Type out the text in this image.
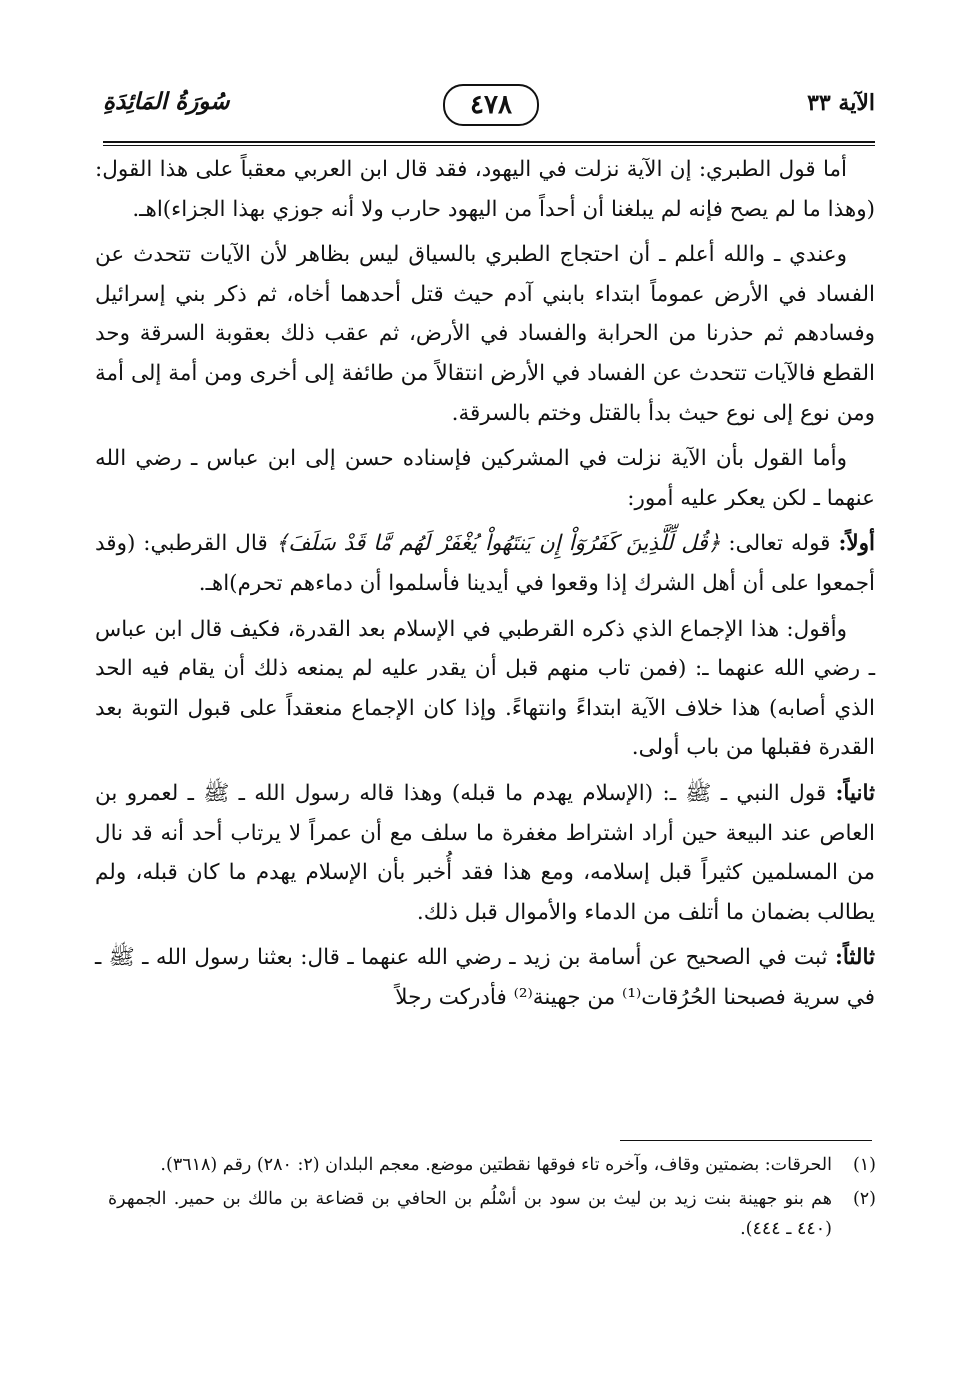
الآية ٣٣
٤٧٨
سُورَةُ المَائِدَةِ

أما قول الطبري: إن الآية نزلت في اليهود، فقد قال ابن العربي معقباً على هذا القول: (وهذا ما لم يصح فإنه لم يبلغنا أن أحداً من اليهود حارب ولا أنه جوزي بهذا الجزاء)اهـ.

وعندي ـ والله أعلم ـ أن احتجاج الطبري بالسياق ليس بظاهر لأن الآيات تتحدث عن الفساد في الأرض عموماً ابتداء بابني آدم حيث قتل أحدهما أخاه، ثم ذكر بني إسرائيل وفسادهم ثم حذرنا من الحرابة والفساد في الأرض، ثم عقب ذلك بعقوبة السرقة وحد القطع فالآيات تتحدث عن الفساد في الأرض انتقالاً من طائفة إلى أخرى ومن أمة إلى أمة ومن نوع إلى نوع حيث بدأ بالقتل وختم بالسرقة.

وأما القول بأن الآية نزلت في المشركين فإسناده حسن إلى ابن عباس ـ رضي الله عنهما ـ لكن يعكر عليه أمور:

أولاً: قوله تعالى: ﴿قُل لِّلَّذِينَ كَفَرُوٓاْ إِن يَنتَهُواْ يُغْفَرْ لَهُم مَّا قَدْ سَلَفَ﴾ قال القرطبي: (وقد أجمعوا على أن أهل الشرك إذا وقعوا في أيدينا فأسلموا أن دماءهم تحرم)اهـ.

وأقول: هذا الإجماع الذي ذكره القرطبي في الإسلام بعد القدرة، فكيف قال ابن عباس ـ رضي الله عنهما ـ: (فمن تاب منهم قبل أن يقدر عليه لم يمنعه ذلك أن يقام فيه الحد الذي أصابه) هذا خلاف الآية ابتداءً وانتهاءً. وإذا كان الإجماع منعقداً على قبول التوبة بعد القدرة فقبلها من باب أولى.

ثانياً: قول النبي ـ ﷺ ـ: (الإسلام يهدم ما قبله) وهذا قاله رسول الله ـ ﷺ ـ لعمرو بن العاص عند البيعة حين أراد اشتراط مغفرة ما سلف مع أن عمراً لا يرتاب أحد أنه قد نال من المسلمين كثيراً قبل إسلامه، ومع هذا فقد أُخبر بأن الإسلام يهدم ما كان قبله، ولم يطالب بضمان ما أتلف من الدماء والأموال قبل ذلك.

ثالثاً: ثبت في الصحيح عن أسامة بن زيد ـ رضي الله عنهما ـ قال: بعثنا رسول الله ـ ﷺ ـ في سرية فصبحنا الحُرُقات⁽¹⁾ من جهينة⁽²⁾ فأدركت رجلاً

(١)
الحرقات: بضمتين وقاف، وآخره تاء فوقها نقطتين موضع. معجم البلدان (٢: ٢٨٠) رقم (٣٦١٨).
(٢)
هم بنو جهينة بنت زيد بن ليث بن سود بن أسْلُم بن الحافي بن قضاعة بن مالك بن حمير. الجمهرة (٤٤٠ ـ ٤٤٤).
